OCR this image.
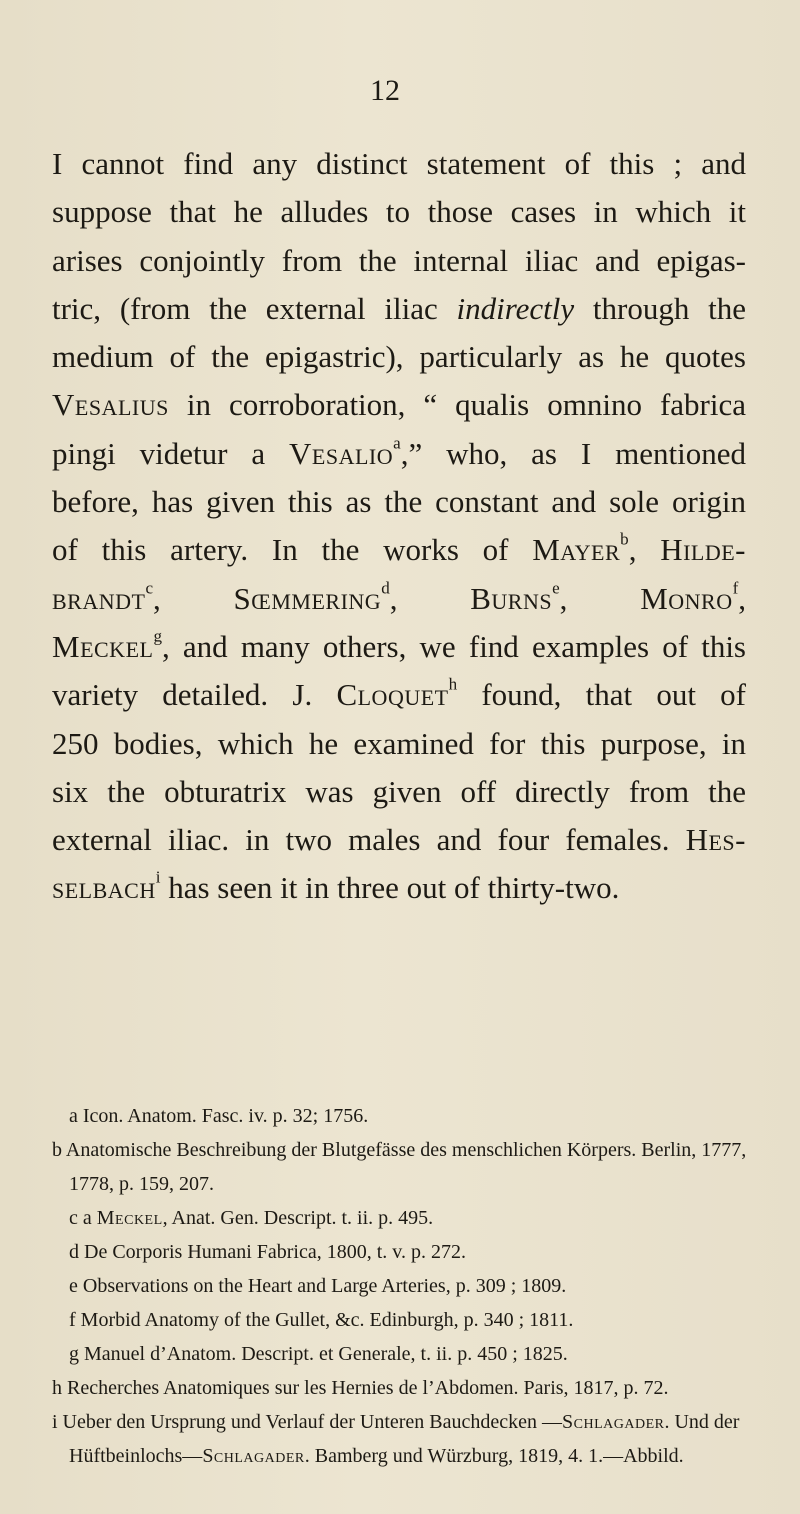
12
I cannot find any distinct statement of this ; and
suppose that he alludes to those cases in which it
arises conjointly from the internal iliac and epigas-
tric, (from the external iliac indirectly through the
medium of the epigastric), particularly as he quotes
Vesalius in corroboration, “ qualis omnino fabrica
pingi videtur a Vesalio$^a$,” who, as I mentioned
before, has given this as the constant and sole origin
of this artery. In the works of Mayer$^b$, Hilde-
brandt$^c$, Sœmmering$^d$, Burns$^e$, Monro$^f$,
Meckel$^g$, and many others, we find examples of this
variety detailed. J. Cloquet$^h$ found, that out of
250 bodies, which he examined for this purpose, in
six the obturatrix was given off directly from the
external iliac. in two males and four females. Hes-
selbach$^i$ has seen it in three out of thirty-two.
a Icon. Anatom. Fasc. iv. p. 32; 1756.
b Anatomische Beschreibung der Blutgefässe des menschlichen Körpers. Berlin, 1777, 1778, p. 159, 207.
c a Meckel, Anat. Gen. Descript. t. ii. p. 495.
d De Corporis Humani Fabrica, 1800, t. v. p. 272.
e Observations on the Heart and Large Arteries, p. 309 ; 1809.
f Morbid Anatomy of the Gullet, &c. Edinburgh, p. 340 ; 1811.
g Manuel d’Anatom. Descript. et Generale, t. ii. p. 450 ; 1825.
h Recherches Anatomiques sur les Hernies de l’Abdomen. Paris, 1817, p. 72.
i Ueber den Ursprung und Verlauf der Unteren Bauchdecken —Schlagader. Und der Hüftbeinlochs—Schlagader. Bamberg und Würzburg, 1819, 4. 1.—Abbild.
